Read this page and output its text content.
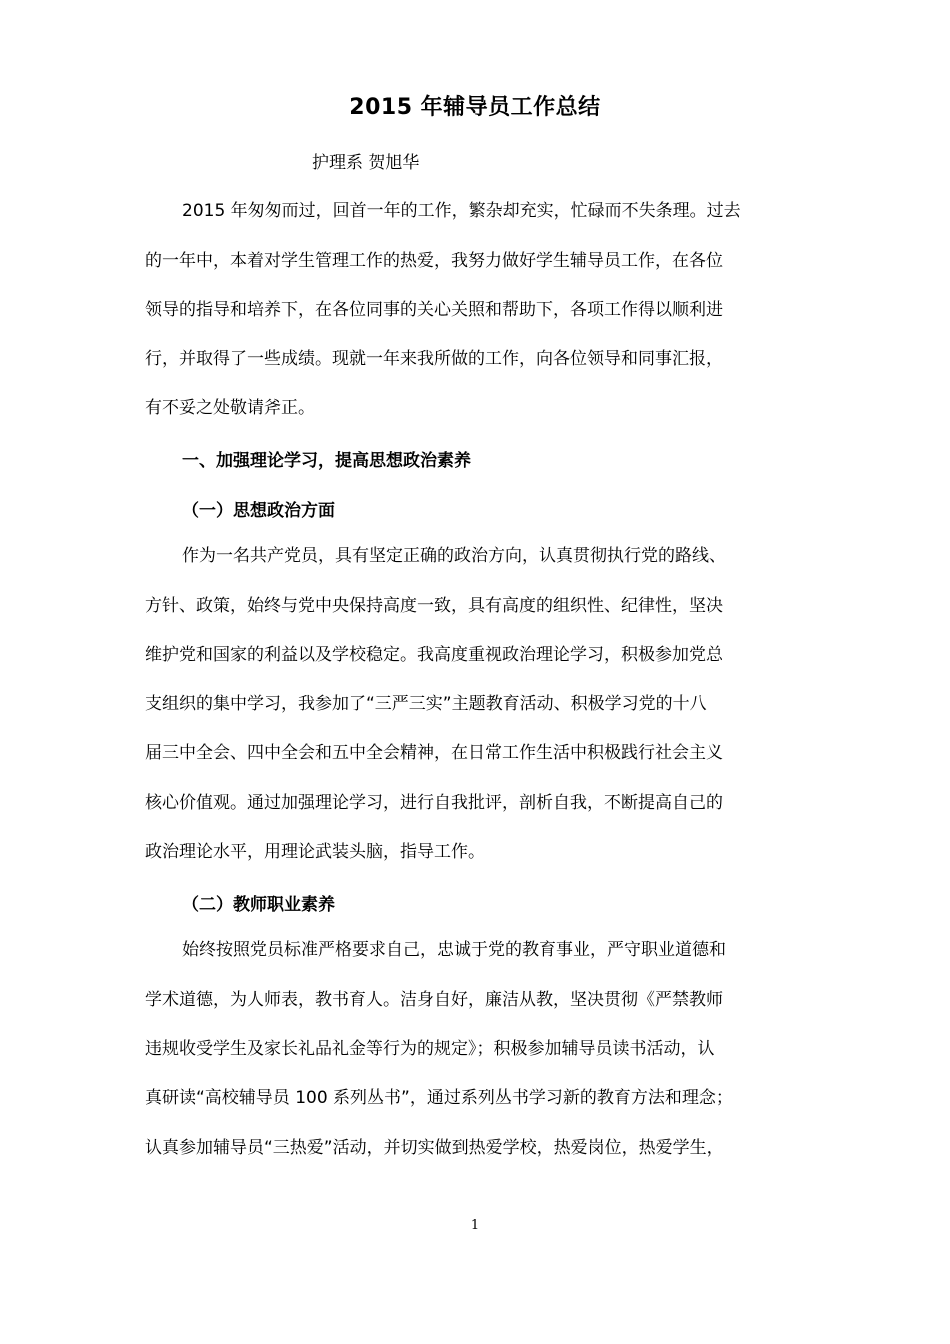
2015 年辅导员工作总结
护理系 贺旭华
2015 年匆匆而过，回首一年的工作，繁杂却充实，忙碌而不失条理。过去
的一年中，本着对学生管理工作的热爱，我努力做好学生辅导员工作，在各位
领导的指导和培养下，在各位同事的关心关照和帮助下，各项工作得以顺利进
行，并取得了一些成绩。现就一年来我所做的工作，向各位领导和同事汇报，
有不妥之处敬请斧正。
一、加强理论学习，提高思想政治素养
（一）思想政治方面
作为一名共产党员，具有坚定正确的政治方向，认真贯彻执行党的路线、
方针、政策，始终与党中央保持高度一致，具有高度的组织性、纪律性，坚决
维护党和国家的利益以及学校稳定。我高度重视政治理论学习，积极参加党总
支组织的集中学习，我参加了“三严三实”主题教育活动、积极学习党的十八
届三中全会、四中全会和五中全会精神，在日常工作生活中积极践行社会主义
核心价值观。通过加强理论学习，进行自我批评，剖析自我，不断提高自己的
政治理论水平，用理论武装头脑，指导工作。
（二）教师职业素养
始终按照党员标准严格要求自己，忠诚于党的教育事业，严守职业道德和
学术道德，为人师表，教书育人。洁身自好，廉洁从教，坚决贯彻《严禁教师
违规收受学生及家长礼品礼金等行为的规定》；积极参加辅导员读书活动，认
真研读“高校辅导员 100 系列丛书”，通过系列丛书学习新的教育方法和理念；
认真参加辅导员“三热爱”活动，并切实做到热爱学校，热爱岗位，热爱学生，
1
